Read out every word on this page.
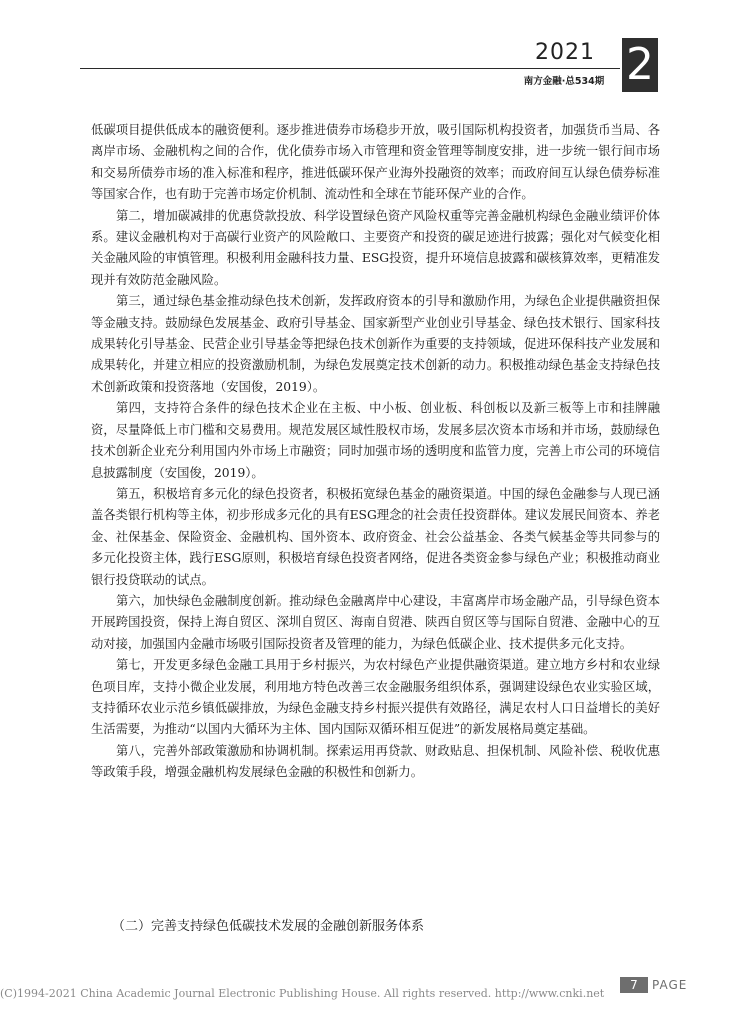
2021
南方金融·总534期 2

低碳项目提供低成本的融资便利。逐步推进债券市场稳步开放，吸引国际机构投资者，加强货币当局、各离岸市场、金融机构之间的合作，优化债券市场入市管理和资金管理等制度安排，进一步统一银行间市场和交易所债券市场的准入标准和程序，推进低碳环保产业海外投融资的效率；而政府间互认绿色债券标准等国家合作，也有助于完善市场定价机制、流动性和全球在节能环保产业的合作。

第二，增加碳减排的优惠贷款投放、科学设置绿色资产风险权重等完善金融机构绿色金融业绩评价体系。建议金融机构对于高碳行业资产的风险敞口、主要资产和投资的碳足迹进行披露；强化对气候变化相关金融风险的审慎管理。积极利用金融科技力量、ESG投资，提升环境信息披露和碳核算效率，更精准发现并有效防范金融风险。

第三，通过绿色基金推动绿色技术创新，发挥政府资本的引导和激励作用，为绿色企业提供融资担保等金融支持。鼓励绿色发展基金、政府引导基金、国家新型产业创业引导基金、绿色技术银行、国家科技成果转化引导基金、民营企业引导基金等把绿色技术创新作为重要的支持领域，促进环保科技产业发展和成果转化，并建立相应的投资激励机制，为绿色发展奠定技术创新的动力。积极推动绿色基金支持绿色技术创新政策和投资落地（安国俊，2019）。

第四，支持符合条件的绿色技术企业在主板、中小板、创业板、科创板以及新三板等上市和挂牌融资，尽量降低上市门槛和交易费用。规范发展区域性股权市场，发展多层次资本市场和并市场，鼓励绿色技术创新企业充分利用国内外市场上市融资；同时加强市场的透明度和监管力度，完善上市公司的环境信息披露制度（安国俊，2019）。

第五，积极培育多元化的绿色投资者，积极拓宽绿色基金的融资渠道。中国的绿色金融参与人现已涵盖各类银行机构等主体，初步形成多元化的具有ESG理念的社会责任投资群体。建议发展民间资本、养老金、社保基金、保险资金、金融机构、国外资本、政府资金、社会公益基金、各类气候基金等共同参与的多元化投资主体，践行ESG原则，积极培育绿色投资者网络，促进各类资金参与绿色产业；积极推动商业银行投贷联动的试点。

第六，加快绿色金融制度创新。推动绿色金融离岸中心建设，丰富离岸市场金融产品，引导绿色资本开展跨国投资，保持上海自贸区、深圳自贸区、海南自贸港、陕西自贸区等与国际自贸港、金融中心的互动对接，加强国内金融市场吸引国际投资者及管理的能力，为绿色低碳企业、技术提供多元化支持。

第七，开发更多绿色金融工具用于乡村振兴，为农村绿色产业提供融资渠道。建立地方乡村和农业绿色项目库，支持小微企业发展，利用地方特色改善三农金融服务组织体系，强调建设绿色农业实验区域，支持循环农业示范乡镇低碳排放，为绿色金融支持乡村振兴提供有效路径，满足农村人口日益增长的美好生活需要，为推动“以国内大循环为主体、国内国际双循环相互促进”的新发展格局奠定基础。

第八，完善外部政策激励和协调机制。探索运用再贷款、财政贴息、担保机制、风险补偿、税收优惠等政策手段，增强金融机构发展绿色金融的积极性和创新力。

（二）完善支持绿色低碳技术发展的金融创新服务体系
(C)1994-2021 China Academic Journal Electronic Publishing House. All rights reserved. http://www.cnki.net
7	PAGE
